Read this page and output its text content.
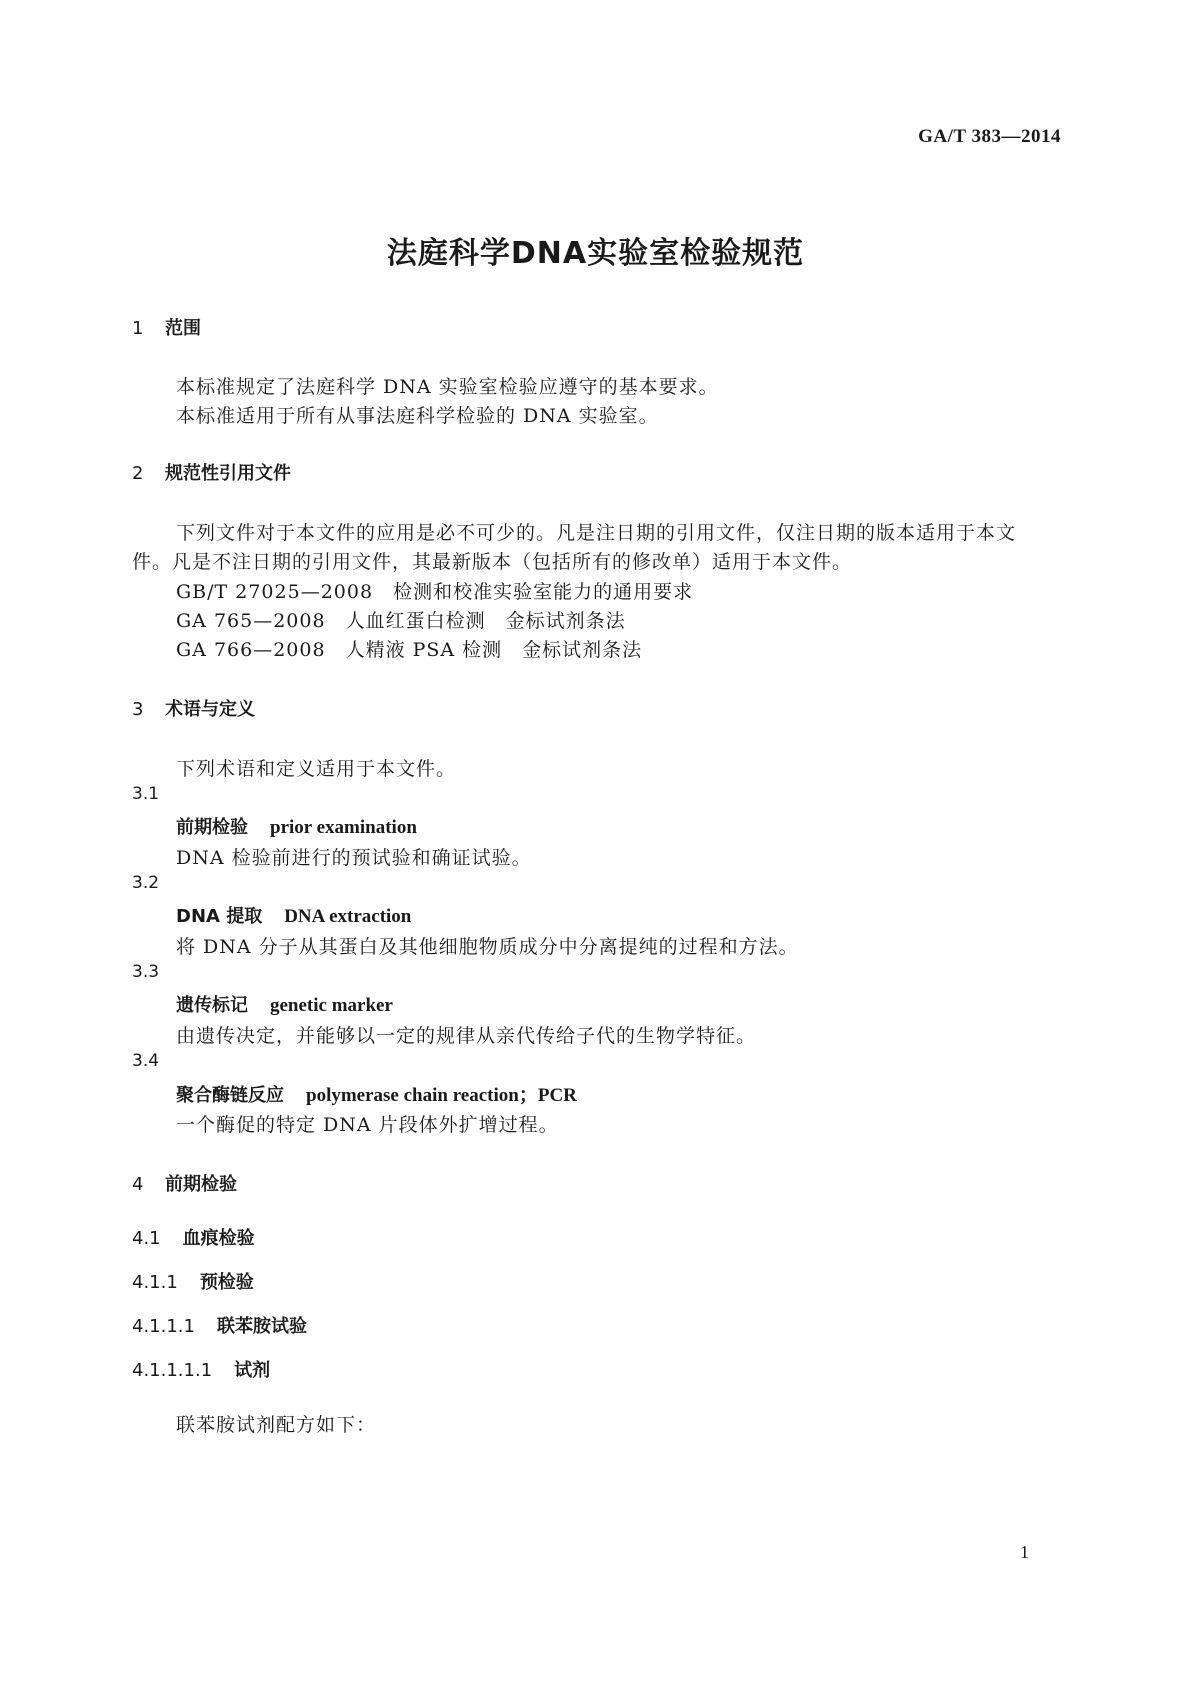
GA/T 383—2014
法庭科学DNA实验室检验规范
1 范围
本标准规定了法庭科学 DNA 实验室检验应遵守的基本要求。
本标准适用于所有从事法庭科学检验的 DNA 实验室。
2 规范性引用文件
下列文件对于本文件的应用是必不可少的。凡是注日期的引用文件，仅注日期的版本适用于本文
件。凡是不注日期的引用文件，其最新版本（包括所有的修改单）适用于本文件。
GB/T 27025—2008　 检测和校准实验室能力的通用要求
GA 765—2008　 人血红蛋白检测　金标试剂条法
GA 766—2008　 人精液 PSA 检测　金标试剂条法
3 术语与定义
下列术语和定义适用于本文件。
3.1
前期检验 prior examination
DNA 检验前进行的预试验和确证试验。
3.2
DNA 提取 DNA extraction
将 DNA 分子从其蛋白及其他细胞物质成分中分离提纯的过程和方法。
3.3
遗传标记 genetic marker
由遗传决定，并能够以一定的规律从亲代传给子代的生物学特征。
3.4
聚合酶链反应 polymerase chain reaction；PCR
一个酶促的特定 DNA 片段体外扩增过程。
4 前期检验
4.1 血痕检验
4.1.1 预检验
4.1.1.1 联苯胺试验
4.1.1.1.1 试剂
联苯胺试剂配方如下：
1
